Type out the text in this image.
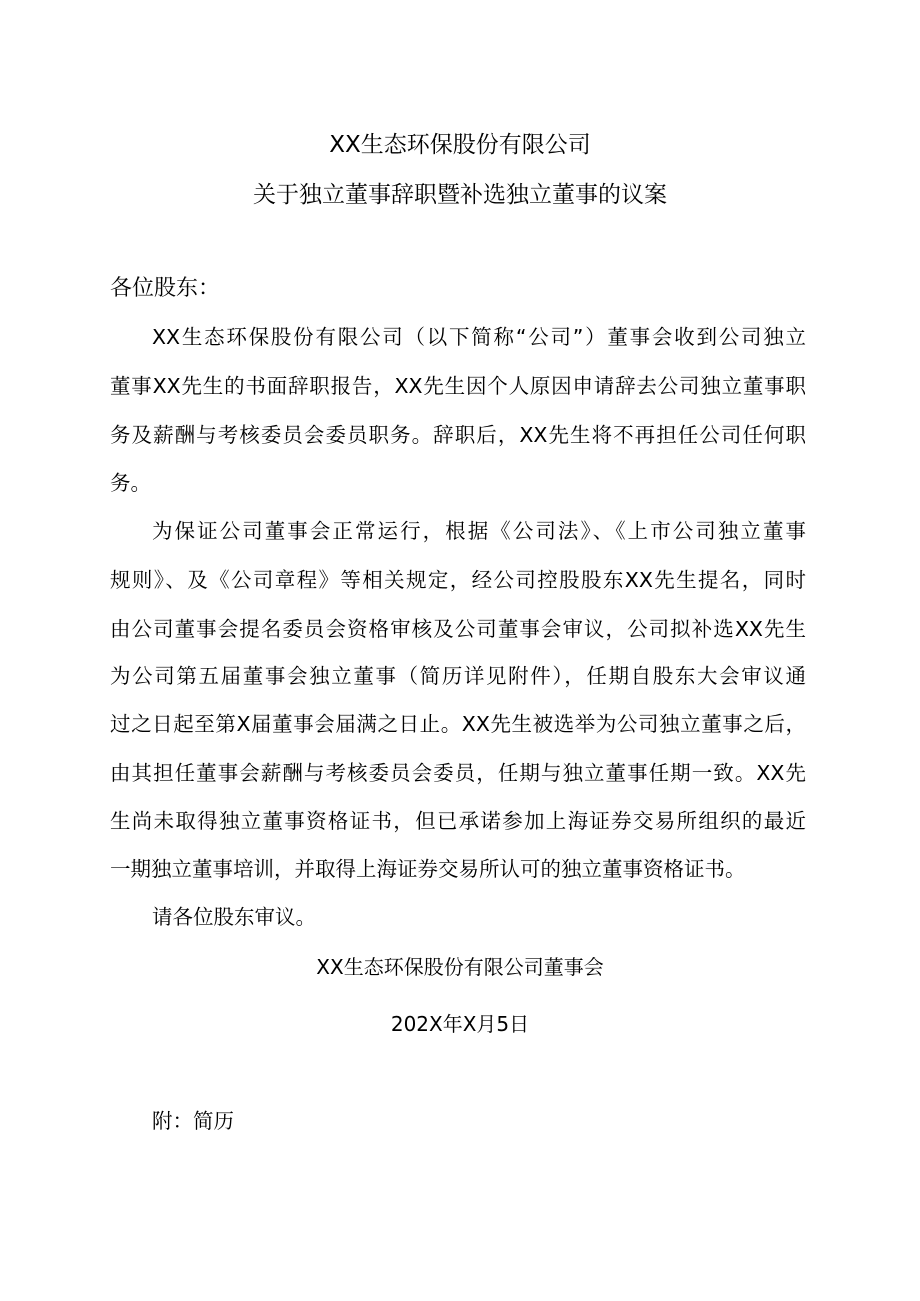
XX生态环保股份有限公司
关于独立董事辞职暨补选独立董事的议案
各位股东：
XX生态环保股份有限公司（以下简称“公司”）董事会收到公司独立
董事XX先生的书面辞职报告，XX先生因个人原因申请辞去公司独立董事职
务及薪酬与考核委员会委员职务。辞职后，XX先生将不再担任公司任何职
务。
为保证公司董事会正常运行，根据《公司法》、《上市公司独立董事
规则》、及《公司章程》等相关规定，经公司控股股东XX先生提名，同时
由公司董事会提名委员会资格审核及公司董事会审议，公司拟补选XX先生
为公司第五届董事会独立董事（简历详见附件），任期自股东大会审议通
过之日起至第X届董事会届满之日止。XX先生被选举为公司独立董事之后，
由其担任董事会薪酬与考核委员会委员，任期与独立董事任期一致。XX先
生尚未取得独立董事资格证书，但已承诺参加上海证券交易所组织的最近
一期独立董事培训，并取得上海证券交易所认可的独立董事资格证书。
请各位股东审议。
XX生态环保股份有限公司董事会
202X年X月5日
附：简历
